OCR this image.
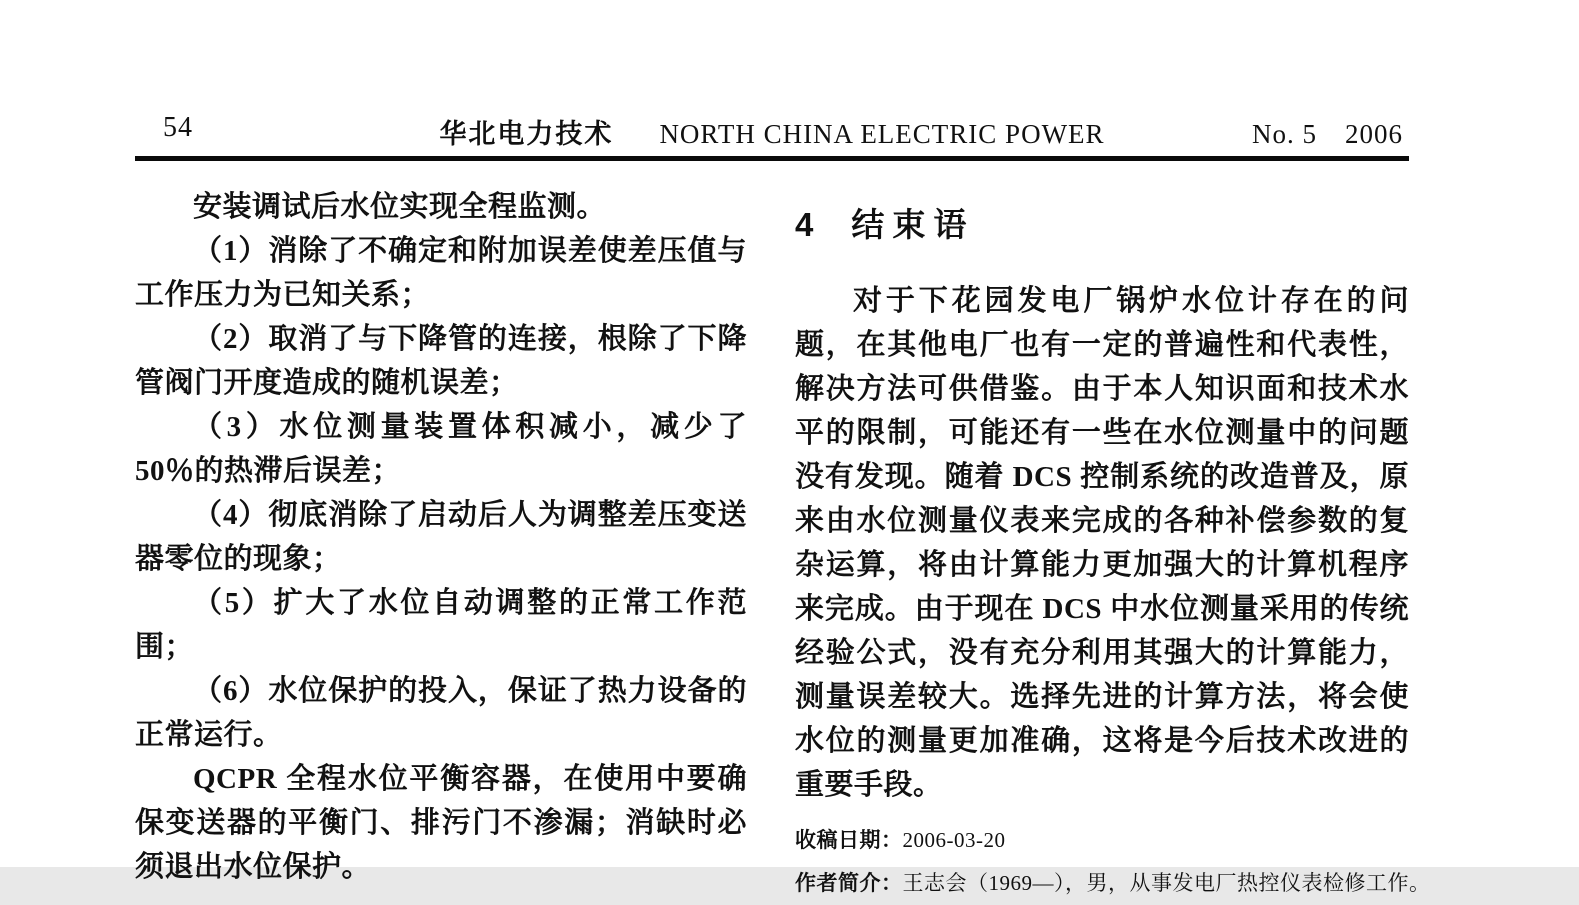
54	华北电力技术 NORTH CHINA ELECTRIC POWER	No. 5　2006

安装调试后水位实现全程监测。

（1）消除了不确定和附加误差使差压值与工作压力为已知关系；

（2）取消了与下降管的连接，根除了下降管阀门开度造成的随机误差；

（3）水位测量装置体积减小，减少了 50％的热滞后误差；

（4）彻底消除了启动后人为调整差压变送器零位的现象；

（5）扩大了水位自动调整的正常工作范围；

（6）水位保护的投入，保证了热力设备的正常运行。

QCPR 全程水位平衡容器，在使用中要确保变送器的平衡门、排污门不渗漏；消缺时必须退出水位保护。

4 结束语

对于下花园发电厂锅炉水位计存在的问题，在其他电厂也有一定的普遍性和代表性，解决方法可供借鉴。由于本人知识面和技术水平的限制，可能还有一些在水位测量中的问题没有发现。随着 DCS 控制系统的改造普及，原来由水位测量仪表来完成的各种补偿参数的复杂运算，将由计算能力更加强大的计算机程序来完成。由于现在 DCS 中水位测量采用的传统经验公式，没有充分利用其强大的计算能力，测量误差较大。选择先进的计算方法，将会使水位的测量更加准确，这将是今后技术改进的重要手段。

收稿日期：2006-03-20

作者简介：王志会（1969—），男，从事发电厂热控仪表检修工作。
